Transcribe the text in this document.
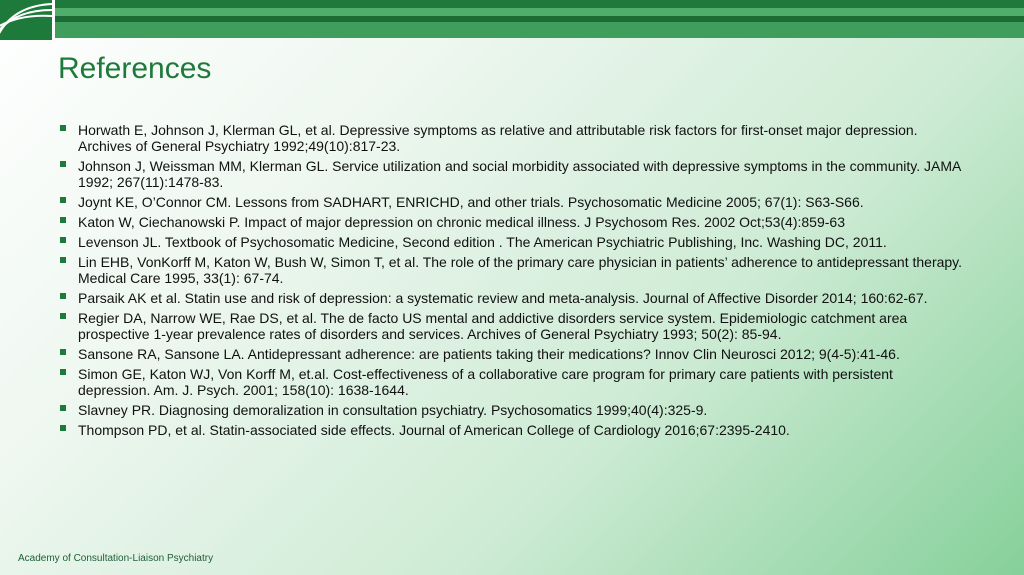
References
Horwath E, Johnson J, Klerman GL, et al. Depressive symptoms as relative and attributable risk factors for first-onset major depression. Archives of General Psychiatry 1992;49(10):817-23.
Johnson J, Weissman MM, Klerman GL. Service utilization and social morbidity associated with depressive symptoms in the community. JAMA 1992; 267(11):1478-83.
Joynt KE, O’Connor CM. Lessons from SADHART, ENRICHD, and other trials. Psychosomatic Medicine 2005; 67(1): S63-S66.
Katon W, Ciechanowski P. Impact of major depression on chronic medical illness. J Psychosom Res. 2002 Oct;53(4):859-63
Levenson JL. Textbook of Psychosomatic Medicine, Second edition . The American Psychiatric Publishing, Inc. Washing DC, 2011.
Lin EHB, VonKorff M, Katon W, Bush W, Simon T, et al. The role of the primary care physician in patients’ adherence to antidepressant therapy. Medical Care 1995, 33(1): 67-74.
Parsaik AK et al. Statin use and risk of depression: a systematic review and meta-analysis. Journal of Affective Disorder 2014; 160:62-67.
Regier DA, Narrow WE, Rae DS, et al. The de facto US mental and addictive disorders service system. Epidemiologic catchment area prospective 1-year prevalence rates of disorders and services. Archives of General Psychiatry 1993; 50(2): 85-94.
Sansone RA, Sansone LA. Antidepressant adherence: are patients taking their medications? Innov Clin Neurosci 2012; 9(4-5):41-46.
Simon GE, Katon WJ, Von Korff M, et.al. Cost-effectiveness of a collaborative care program for primary care patients with persistent depression. Am. J. Psych. 2001; 158(10): 1638-1644.
Slavney PR. Diagnosing demoralization in consultation psychiatry. Psychosomatics 1999;40(4):325-9.
Thompson PD, et al. Statin-associated side effects. Journal of American College of Cardiology 2016;67:2395-2410.
Academy of Consultation-Liaison Psychiatry
